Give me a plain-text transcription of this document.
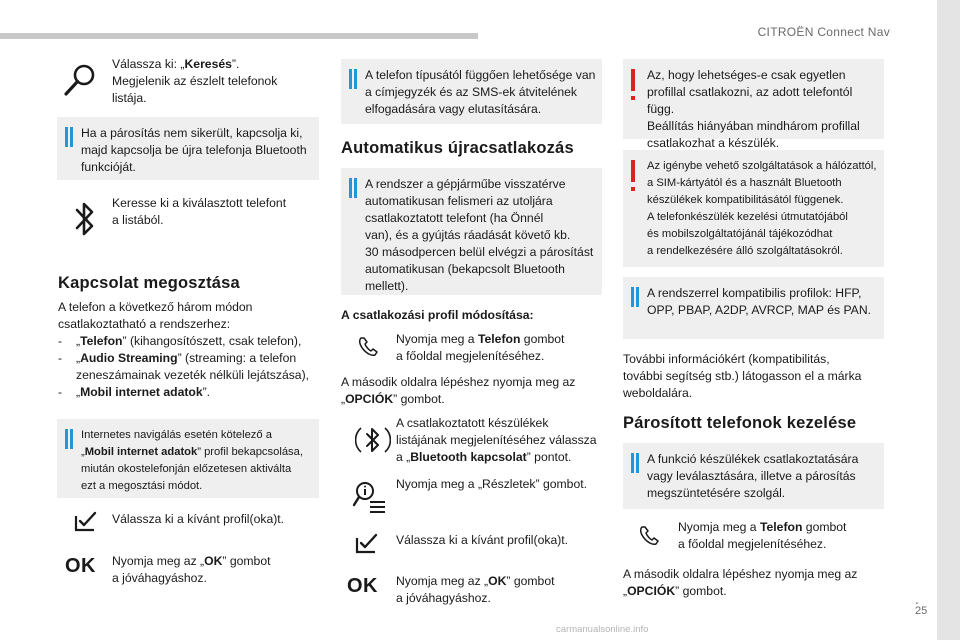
CITROËN Connect Nav
.
25
carmanualsonline.info
Válassza ki: „Keresés”.
Megjelenik az észlelt telefonok
listája.
Ha a párosítás nem sikerült, kapcsolja ki,
majd kapcsolja be újra telefonja Bluetooth
funkcióját.
Keresse ki a kiválasztott telefont
a listából.
Kapcsolat megosztása
A telefon a következő három módon
csatlakoztatható a rendszerhez:
- „Telefon” (kihangosítószett, csak telefon),
- „Audio Streaming” (streaming: a telefon
zeneszámainak vezeték nélküli lejátszása),
- „Mobil internet adatok”.
Internetes navigálás esetén kötelező a
„Mobil internet adatok” profil bekapcsolása,
miután okostelefonján előzetesen aktiválta
ezt a megosztási módot.
Válassza ki a kívánt profil(oka)t.
OK Nyomja meg az „OK” gombot
a jóváhagyáshoz.
A telefon típusától függően lehetősége van
a címjegyzék és az SMS-ek átvitelének
elfogadására vagy elutasítására.
Automatikus újracsatlakozás
A rendszer a gépjárműbe visszatérve
automatikusan felismeri az utoljára
csatlakoztatott telefont (ha Önnél
van), és a gyújtás ráadását követő kb.
30 másodpercen belül elvégzi a párosítást
automatikusan (bekapcsolt Bluetooth
mellett).
A csatlakozási profil módosítása:
Nyomja meg a Telefon gombot
a főoldal megjelenítéséhez.
A második oldalra lépéshez nyomja meg az
„OPCIÓK” gombot.
A csatlakoztatott készülékek
listájának megjelenítéséhez válassza
a „Bluetooth kapcsolat” pontot.
Nyomja meg a „Részletek” gombot.
Válassza ki a kívánt profil(oka)t.
OK Nyomja meg az „OK” gombot
a jóváhagyáshoz.
Az, hogy lehetséges-e csak egyetlen
profillal csatlakozni, az adott telefontól függ.
Beállítás hiányában mindhárom profillal
csatlakozhat a készülék.
Az igénybe vehető szolgáltatások a hálózattól,
a SIM-kártyától és a használt Bluetooth
készülékek kompatibilitásától függenek.
A telefonkészülék kezelési útmutatójából
és mobilszolgáltatójánál tájékozódhat
a rendelkezésére álló szolgáltatásokról.
A rendszerrel kompatibilis profilok: HFP,
OPP, PBAP, A2DP, AVRCP, MAP és PAN.
További információkért (kompatibilitás,
további segítség stb.) látogasson el a márka
weboldalára.
Párosított telefonok kezelése
A funkció készülékek csatlakoztatására
vagy leválasztására, illetve a párosítás
megszüntetésére szolgál.
Nyomja meg a Telefon gombot
a főoldal megjelenítéséhez.
A második oldalra lépéshez nyomja meg az
„OPCIÓK” gombot.
